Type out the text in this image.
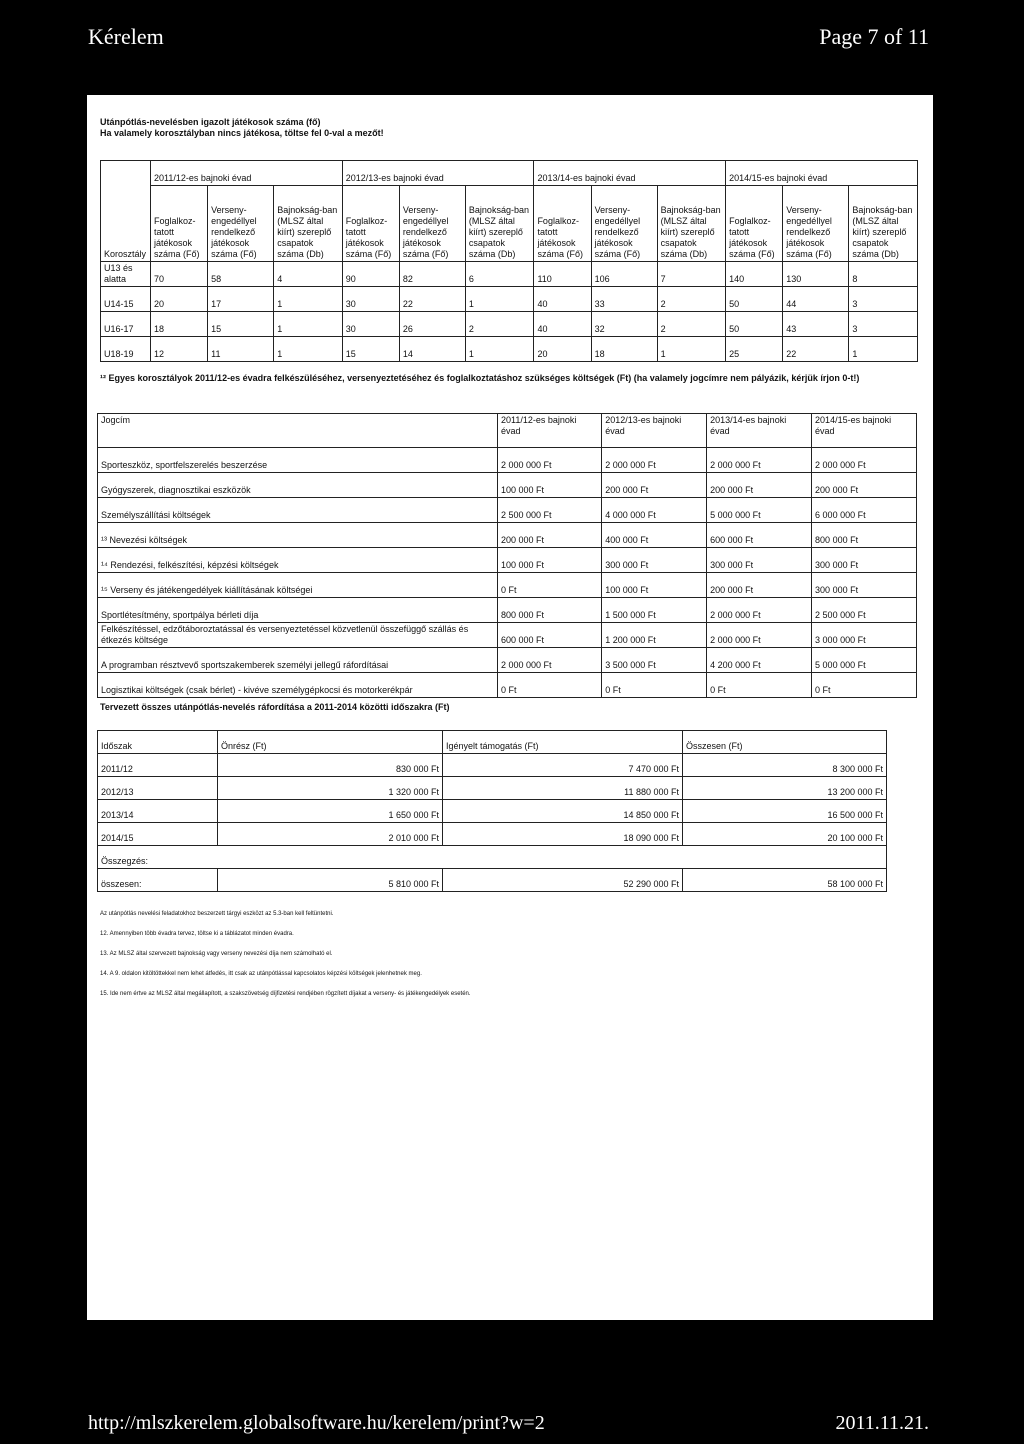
Kérelem	Page 7 of 11
Utánpótlás-nevelésben igazolt játékosok száma (fő)
Ha valamely korosztályban nincs játékosa, töltse fel 0-val a mezőt!
Korosztály	2011/12-es bajnoki évad			2012/13-es bajnoki évad			2013/14-es bajnoki évad			2014/15-es bajnoki évad		
	Foglalkoz-tatott játékosok száma (Fő)	Verseny-engedéllyel rendelkező játékosok száma (Fő)	Bajnokság-ban (MLSZ által kiírt) szereplő csapatok száma (Db)	Foglalkoz-tatott játékosok száma (Fő)	Verseny-engedéllyel rendelkező játékosok száma (Fő)	Bajnokság-ban (MLSZ által kiírt) szereplő csapatok száma (Db)	Foglalkoz-tatott játékosok száma (Fő)	Verseny-engedéllyel rendelkező játékosok száma (Fő)	Bajnokság-ban (MLSZ által kiírt) szereplő csapatok száma (Db)	Foglalkoz-tatott játékosok száma (Fő)	Verseny-engedéllyel rendelkező játékosok száma (Fő)	Bajnokság-ban (MLSZ által kiírt) szereplő csapatok száma (Db)
U13 és alatta	70	58	4	90	82	6	110	106	7	140	130	8
U14-15	20	17	1	30	22	1	40	33	2	50	44	3
U16-17	18	15	1	30	26	2	40	32	2	50	43	3
U18-19	12	11	1	15	14	1	20	18	1	25	22	1
¹² Egyes korosztályok 2011/12-es évadra felkészüléséhez, versenyeztetéséhez és foglalkoztatáshoz szükséges költségek (Ft) (ha valamely jogcímre nem pályázik, kérjük írjon 0-t!)
Jogcím	2011/12-es bajnoki évad	2012/13-es bajnoki évad	2013/14-es bajnoki évad	2014/15-es bajnoki évad
Sporteszköz, sportfelszerelés beszerzése	2 000 000 Ft	2 000 000 Ft	2 000 000 Ft	2 000 000 Ft
Gyógyszerek, diagnosztikai eszközök	100 000 Ft	200 000 Ft	200 000 Ft	200 000 Ft
Személyszállítási költségek	2 500 000 Ft	4 000 000 Ft	5 000 000 Ft	6 000 000 Ft
¹³ Nevezési költségek	200 000 Ft	400 000 Ft	600 000 Ft	800 000 Ft
¹⁴ Rendezési, felkészítési, képzési költségek	100 000 Ft	300 000 Ft	300 000 Ft	300 000 Ft
¹⁵ Verseny és játékengedélyek kiállításának költségei	0 Ft	100 000 Ft	200 000 Ft	300 000 Ft
Sportlétesítmény, sportpálya bérleti díja	800 000 Ft	1 500 000 Ft	2 000 000 Ft	2 500 000 Ft
Felkészítéssel, edzőtáboroztatással és versenyeztetéssel közvetlenül összefüggő szállás és étkezés költsége	600 000 Ft	1 200 000 Ft	2 000 000 Ft	3 000 000 Ft
A programban résztvevő sportszakemberek személyi jellegű ráfordításai	2 000 000 Ft	3 500 000 Ft	4 200 000 Ft	5 000 000 Ft
Logisztikai költségek (csak bérlet) - kivéve személygépkocsi és motorkerékpár	0 Ft	0 Ft	0 Ft	0 Ft
Tervezett összes utánpótlás-nevelés ráfordítása a 2011-2014 közötti időszakra (Ft)
Időszak	Önrész (Ft)	Igényelt támogatás (Ft)	Összesen (Ft)
2011/12	830 000 Ft	7 470 000 Ft	8 300 000 Ft
2012/13	1 320 000 Ft	11 880 000 Ft	13 200 000 Ft
2013/14	1 650 000 Ft	14 850 000 Ft	16 500 000 Ft
2014/15	2 010 000 Ft	18 090 000 Ft	20 100 000 Ft
Összegzés:			
összesen:	5 810 000 Ft	52 290 000 Ft	58 100 000 Ft
Az utánpótlás nevelési feladatokhoz beszerzett tárgyi eszközt az 5.3-ban kell feltüntetni.
12. Amennyiben több évadra tervez, töltse ki a táblázatot minden évadra.
13. Az MLSZ által szervezett bajnokság vagy verseny nevezési díja nem számolható el.
14. A 9. oldalon kitöltöttekkel nem lehet átfedés, itt csak az utánpótlással kapcsolatos képzési költségek jelenhetnek meg.
15. Ide nem értve az MLSZ által megállapított, a szakszövetség díjfizetési rendjében rögzített díjakat a verseny- és játékengedélyek esetén.
http://mlszkerelem.globalsoftware.hu/kerelem/print?w=2	2011.11.21.
